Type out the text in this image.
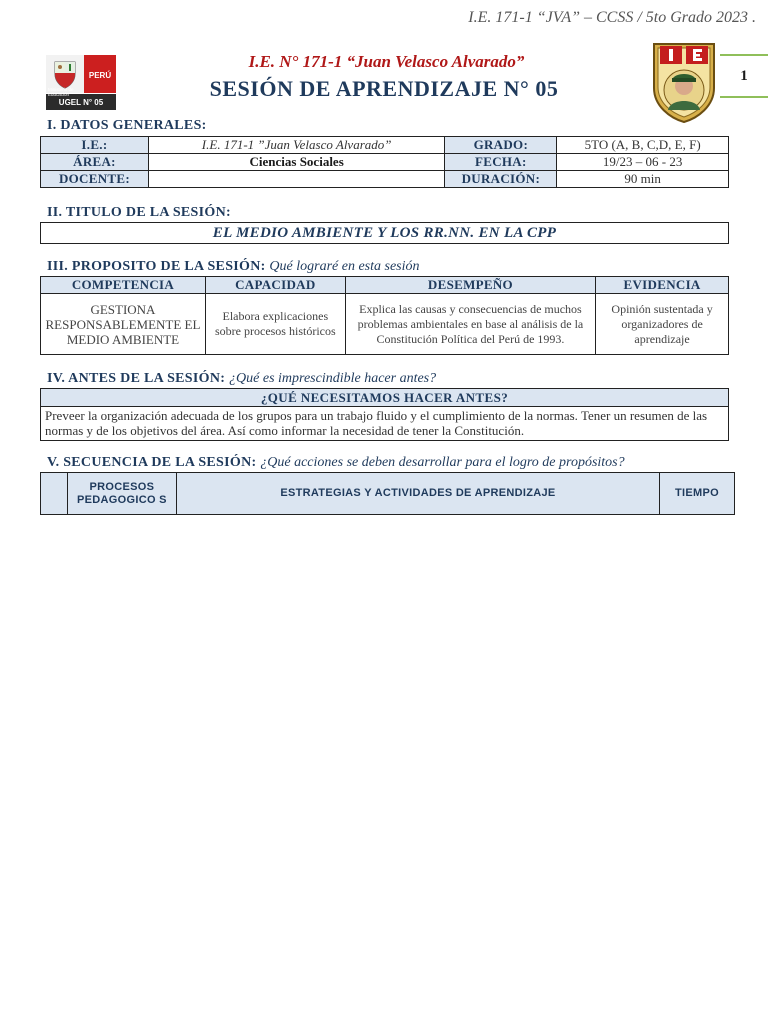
I.E. 171-1 “JVA” – CCSS / 5to Grado 2023 .
PERÚ
Ministerio de Educación
UGEL N° 05
I.E. N° 171-1 “Juan Velasco Alvarado”
SESIÓN DE APRENDIZAJE N° 05
1
I. DATOS GENERALES:
I.E.:	I.E. 171-1 ”Juan Velasco Alvarado”	GRADO:	5TO (A, B, C,D, E, F)
ÁREA:	Ciencias Sociales	FECHA:	19/23 – 06 - 23
DOCENTE:		DURACIÓN:	90 min
II. TITULO DE LA SESIÓN:
EL MEDIO AMBIENTE Y LOS RR.NN. EN LA CPP
III. PROPOSITO DE LA SESIÓN: Qué lograré en esta sesión
COMPETENCIA	CAPACIDAD	DESEMPEÑO	EVIDENCIA
GESTIONA RESPONSABLEMENTE EL MEDIO AMBIENTE	Elabora explicaciones sobre procesos históricos	Explica las causas y consecuencias de muchos problemas ambientales en base al análisis de la Constitución Política del Perú de 1993.	Opinión sustentada y organizadores de aprendizaje
IV. ANTES DE LA SESIÓN: ¿Qué es imprescindible hacer antes?
¿QUÉ NECESITAMOS HACER ANTES?
Preveer la organización adecuada de los grupos para un trabajo fluido y el cumplimiento de la normas. Tener un resumen de las normas y de los objetivos del área. Así como informar la necesidad de tener la Constitución.
V. SECUENCIA DE LA SESIÓN: ¿Qué acciones se deben desarrollar para el logro de propósitos?
	PROCESOS PEDAGOGICO S	ESTRATEGIAS Y ACTIVIDADES DE APRENDIZAJE	TIEMPO
